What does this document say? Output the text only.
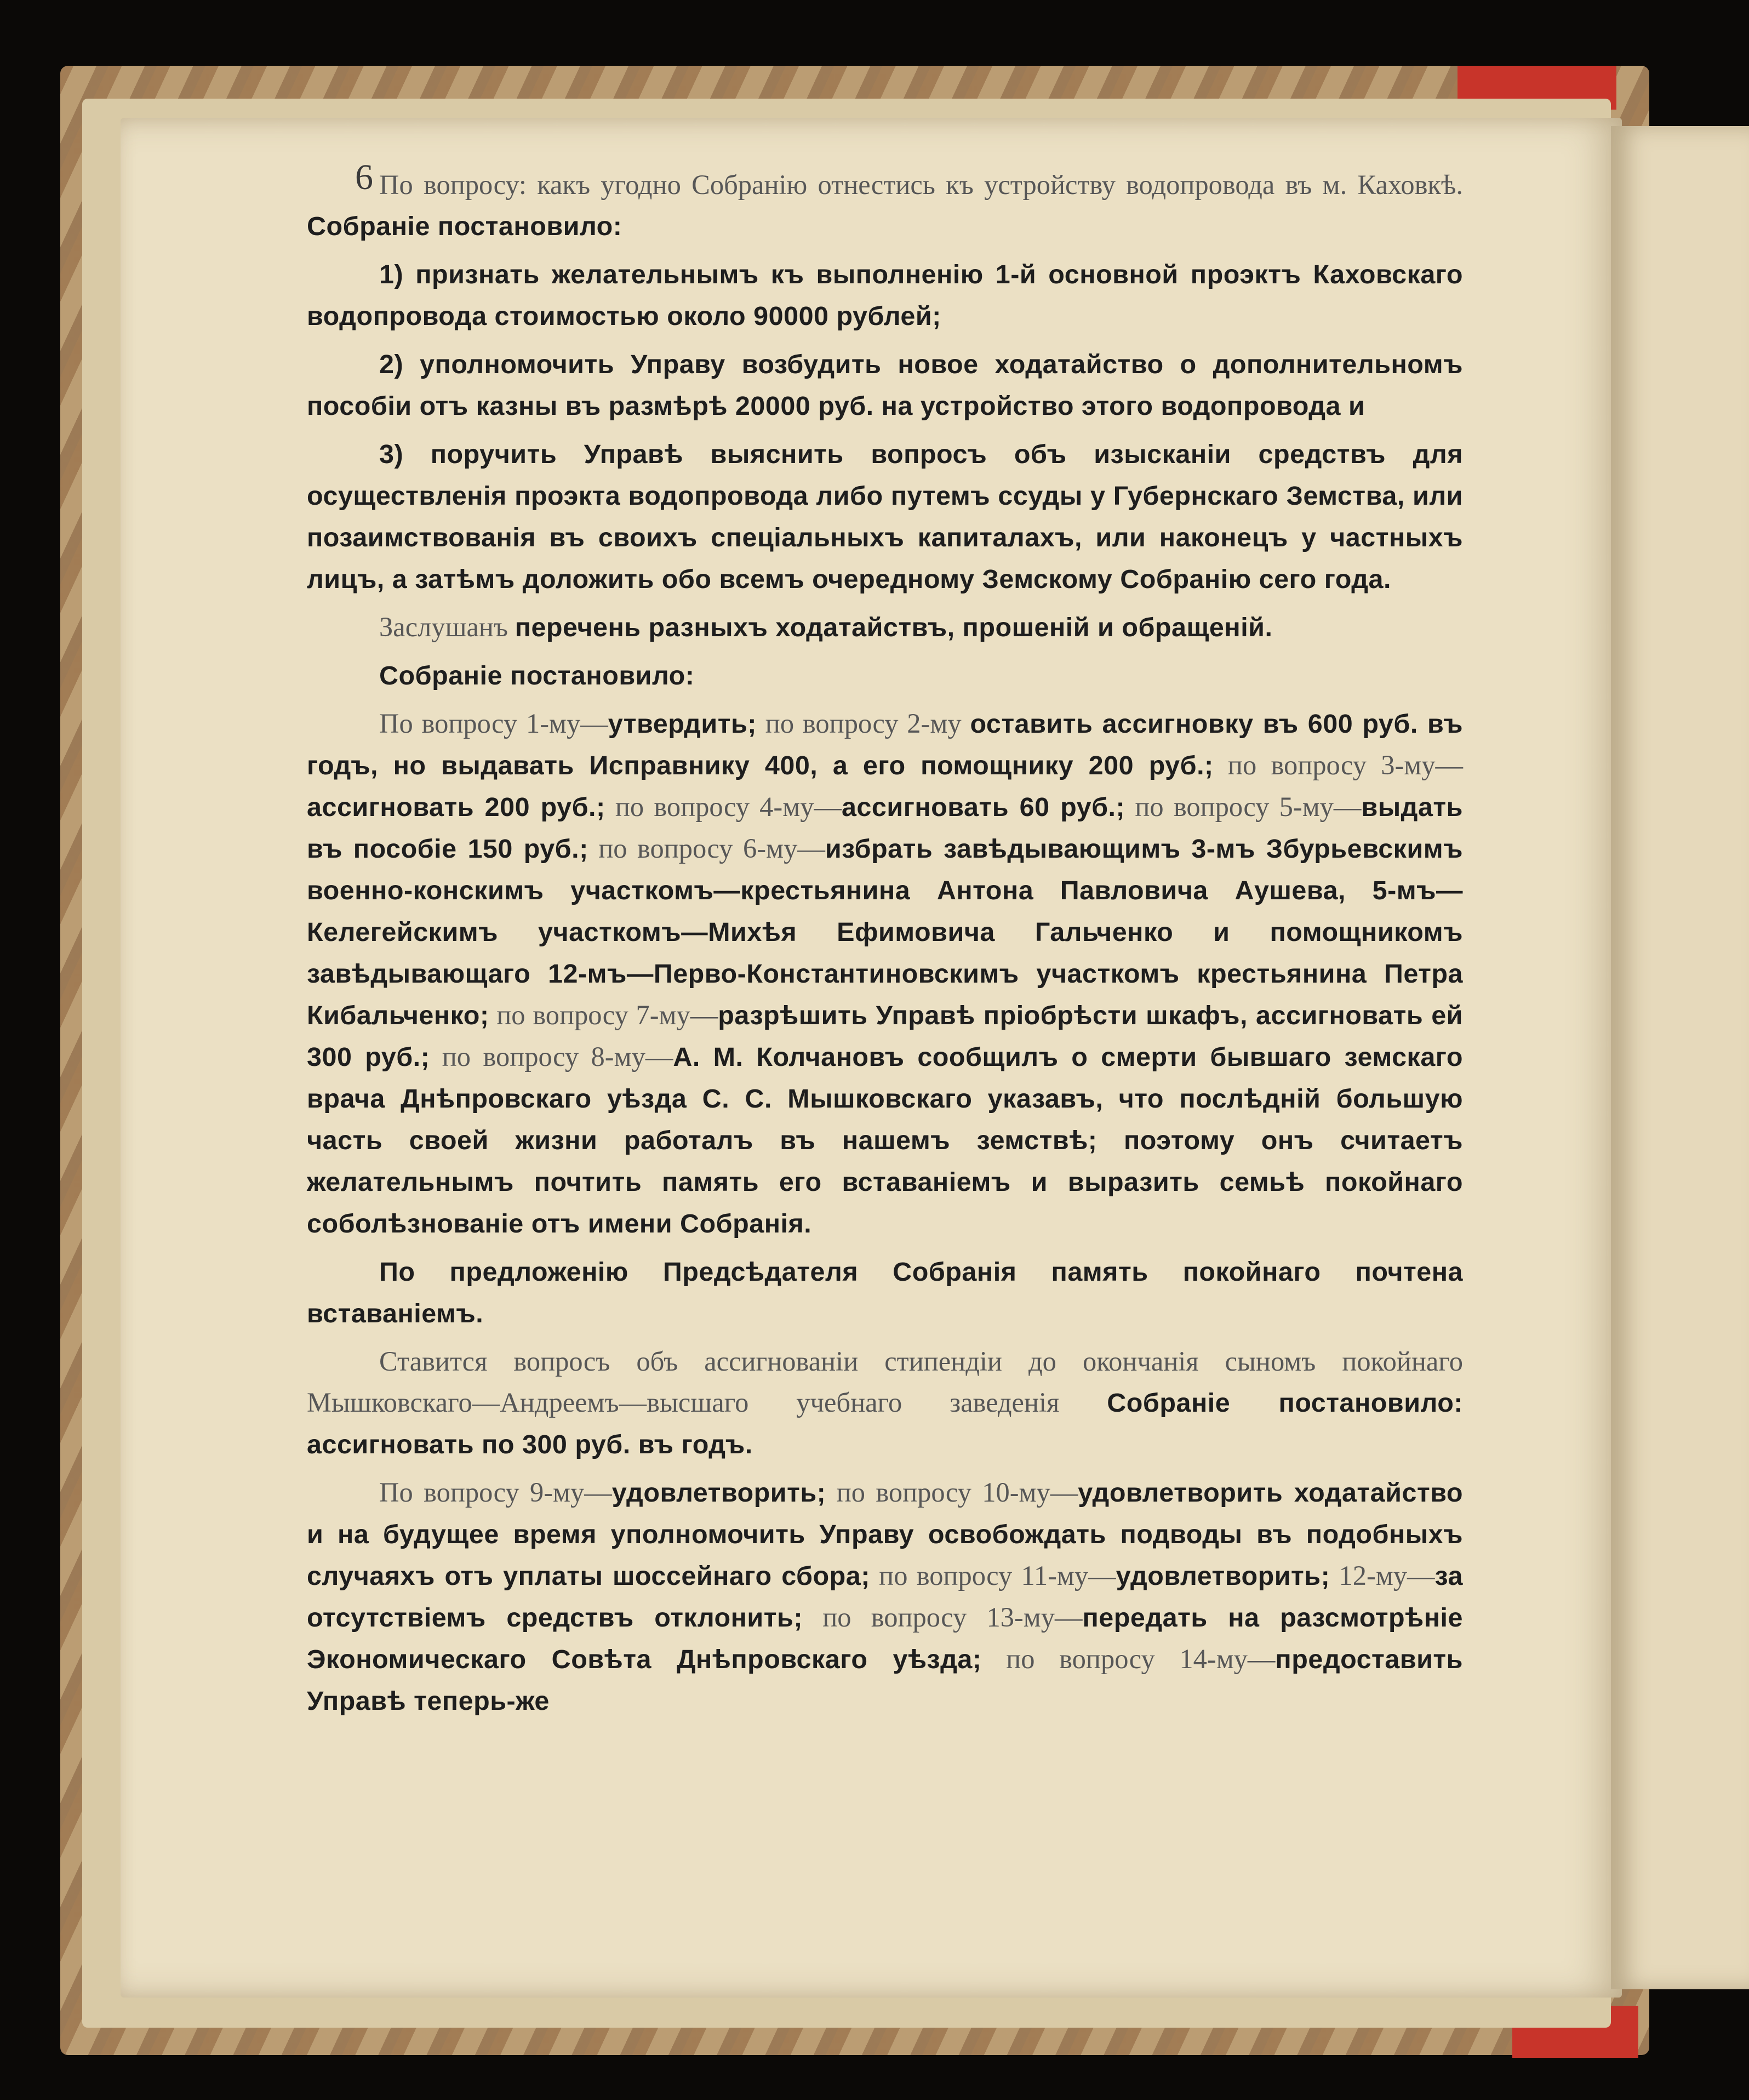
6 По вопросу: какъ угодно Собранію отнестись къ устройству водопровода въ м. Каховкѣ. Собраніе постановило:

1) признать желательнымъ къ выполненію 1-й основной проэктъ Каховскаго водопровода стоимостью около 90000 рублей;

2) уполномочить Управу возбудить новое ходатайство о дополнительномъ пособіи отъ казны въ размѣрѣ 20000 руб. на устройство этого водопровода и

3) поручить Управѣ выяснить вопросъ объ изысканіи средствъ для осуществленія проэкта водопровода либо путемъ ссуды у Губернскаго Земства, или позаимствованія въ своихъ спеціальныхъ капиталахъ, или наконецъ у частныхъ лицъ, а затѣмъ доложить обо всемъ очередному Земскому Собранію сего года.

Заслушанъ перечень разныхъ ходатайствъ, прошеній и обращеній.

Собраніе постановило:

По вопросу 1-му—утвердить; по вопросу 2-му оставить ассигновку въ 600 руб. въ годъ, но выдавать Исправнику 400, а его помощнику 200 руб.; по вопросу 3-му—ассигновать 200 руб.; по вопросу 4-му—ассигновать 60 руб.; по вопросу 5-му—выдать въ пособіе 150 руб.; по вопросу 6-му—избрать завѣдывающимъ 3-мъ Збурьевскимъ военно-конскимъ участкомъ—крестьянина Антона Павловича Аушева, 5-мъ—Келегейскимъ участкомъ—Михѣя Ефимовича Гальченко и помощникомъ завѣдывающаго 12-мъ—Перво-Константиновскимъ участкомъ крестьянина Петра Кибальченко; по вопросу 7-му—разрѣшить Управѣ пріобрѣсти шкафъ, ассигновать ей 300 руб.; по вопросу 8-му—А. М. Колчановъ сообщилъ о смерти бывшаго земскаго врача Днѣпровскаго уѣзда С. С. Мышковскаго указавъ, что послѣдній большую часть своей жизни работалъ въ нашемъ земствѣ; поэтому онъ считаетъ желательнымъ почтить память его вставаніемъ и выразить семьѣ покойнаго соболѣзнованіе отъ имени Собранія.

По предложенію Предсѣдателя Собранія память покойнаго почтена вставаніемъ.

Ставится вопросъ объ ассигнованіи стипендіи до окончанія сыномъ покойнаго Мышковскаго—Андреемъ—высшаго учебнаго заведенія Собраніе постановило: ассигновать по 300 руб. въ годъ.

По вопросу 9-му—удовлетворить; по вопросу 10-му—удовлетворить ходатайство и на будущее время уполномочить Управу освобождать подводы въ подобныхъ случаяхъ отъ уплаты шоссейнаго сбора; по вопросу 11-му—удовлетворить; 12-му—за отсутствіемъ средствъ отклонить; по вопросу 13-му—передать на разсмотрѣніе Экономическаго Совѣта Днѣпровскаго уѣзда; по вопросу 14-му—предоставить Управѣ теперь-же
